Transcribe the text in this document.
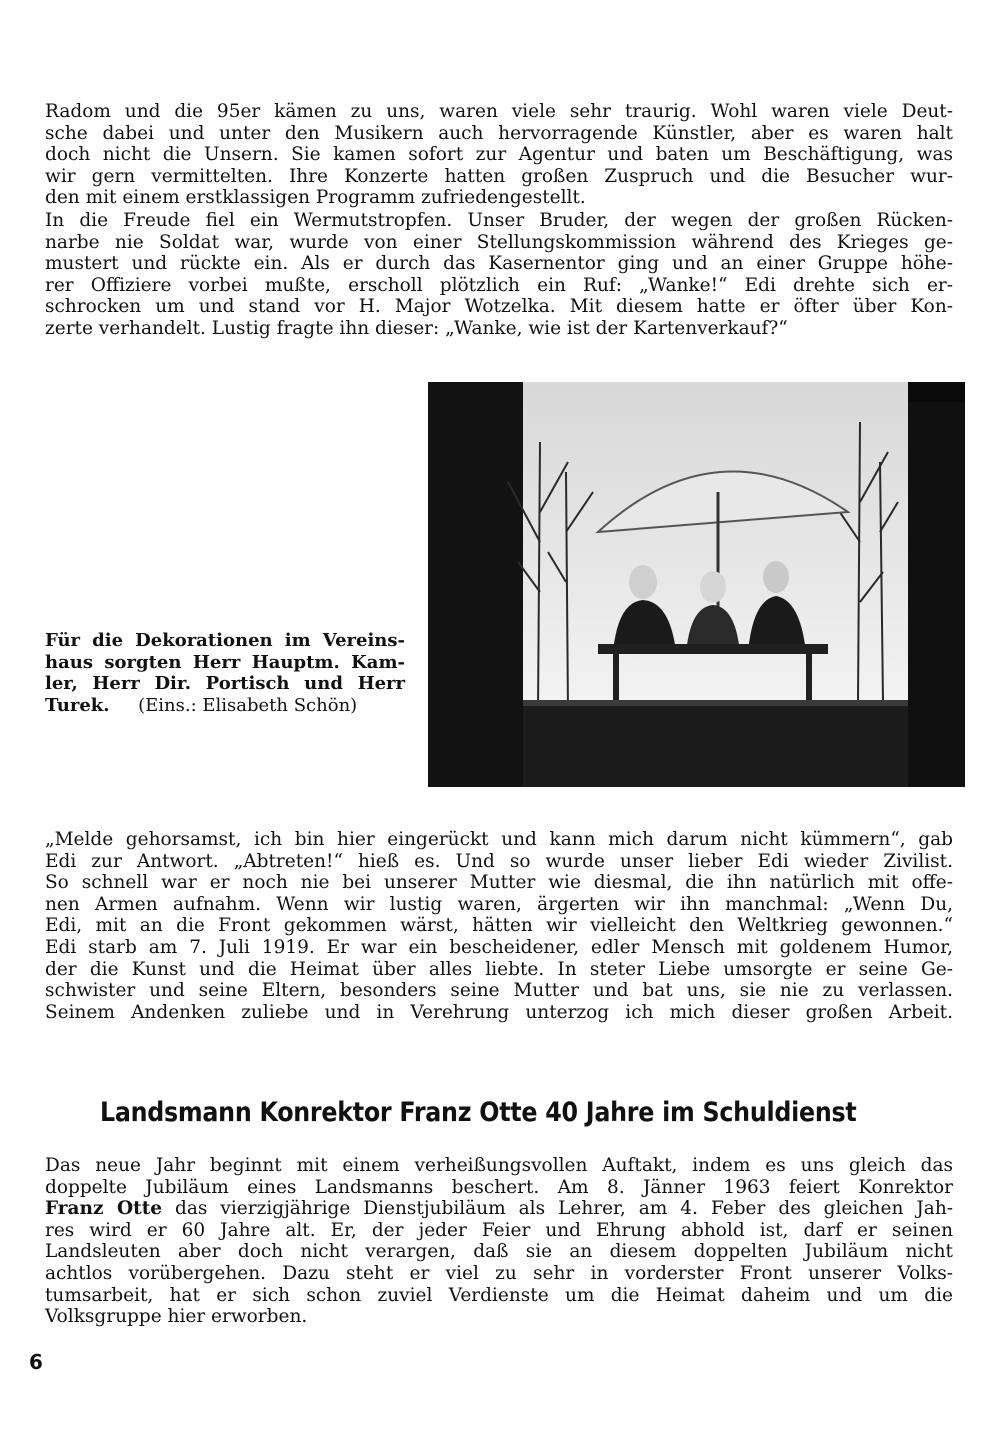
Radom und die 95er kämen zu uns, waren viele sehr traurig. Wohl waren viele Deut-
sche dabei und unter den Musikern auch hervorragende Künstler, aber es waren halt
doch nicht die Unsern. Sie kamen sofort zur Agentur und baten um Beschäftigung, was
wir gern vermittelten. Ihre Konzerte hatten großen Zuspruch und die Besucher wur-
den mit einem erstklassigen Programm zufriedengestellt.
In die Freude fiel ein Wermutstropfen. Unser Bruder, der wegen der großen Rücken-
narbe nie Soldat war, wurde von einer Stellungskommission während des Krieges ge-
mustert und rückte ein. Als er durch das Kasernentor ging und an einer Gruppe höhe-
rer Offiziere vorbei mußte, erscholl plötzlich ein Ruf: „Wanke!“ Edi drehte sich er-
schrocken um und stand vor H. Major Wotzelka. Mit diesem hatte er öfter über Kon-
zerte verhandelt. Lustig fragte ihn dieser: „Wanke, wie ist der Kartenverkauf?“
Für die Dekorationen im Vereins-
haus sorgten Herr Hauptm. Kam-
ler, Herr Dir. Portisch und Herr
Turek. (Eins.: Elisabeth Schön)
„Melde gehorsamst, ich bin hier eingerückt und kann mich darum nicht kümmern“, gab
Edi zur Antwort. „Abtreten!“ hieß es. Und so wurde unser lieber Edi wieder Zivilist.
So schnell war er noch nie bei unserer Mutter wie diesmal, die ihn natürlich mit offe-
nen Armen aufnahm. Wenn wir lustig waren, ärgerten wir ihn manchmal: „Wenn Du,
Edi, mit an die Front gekommen wärst, hätten wir vielleicht den Weltkrieg gewonnen.“
Edi starb am 7. Juli 1919. Er war ein bescheidener, edler Mensch mit goldenem Humor,
der die Kunst und die Heimat über alles liebte. In steter Liebe umsorgte er seine Ge-
schwister und seine Eltern, besonders seine Mutter und bat uns, sie nie zu verlassen.
Seinem Andenken zuliebe und in Verehrung unterzog ich mich dieser großen Arbeit.
Landsmann Konrektor Franz Otte 40 Jahre im Schuldienst
Das neue Jahr beginnt mit einem verheißungsvollen Auftakt, indem es uns gleich das
doppelte Jubiläum eines Landsmanns beschert. Am 8. Jänner 1963 feiert Konrektor
Franz Otte das vierzigjährige Dienstjubiläum als Lehrer, am 4. Feber des gleichen Jah-
res wird er 60 Jahre alt. Er, der jeder Feier und Ehrung abhold ist, darf er seinen
Landsleuten aber doch nicht verargen, daß sie an diesem doppelten Jubiläum nicht
achtlos vorübergehen. Dazu steht er viel zu sehr in vorderster Front unserer Volks-
tumsarbeit, hat er sich schon zuviel Verdienste um die Heimat daheim und um die
Volksgruppe hier erworben.
6
